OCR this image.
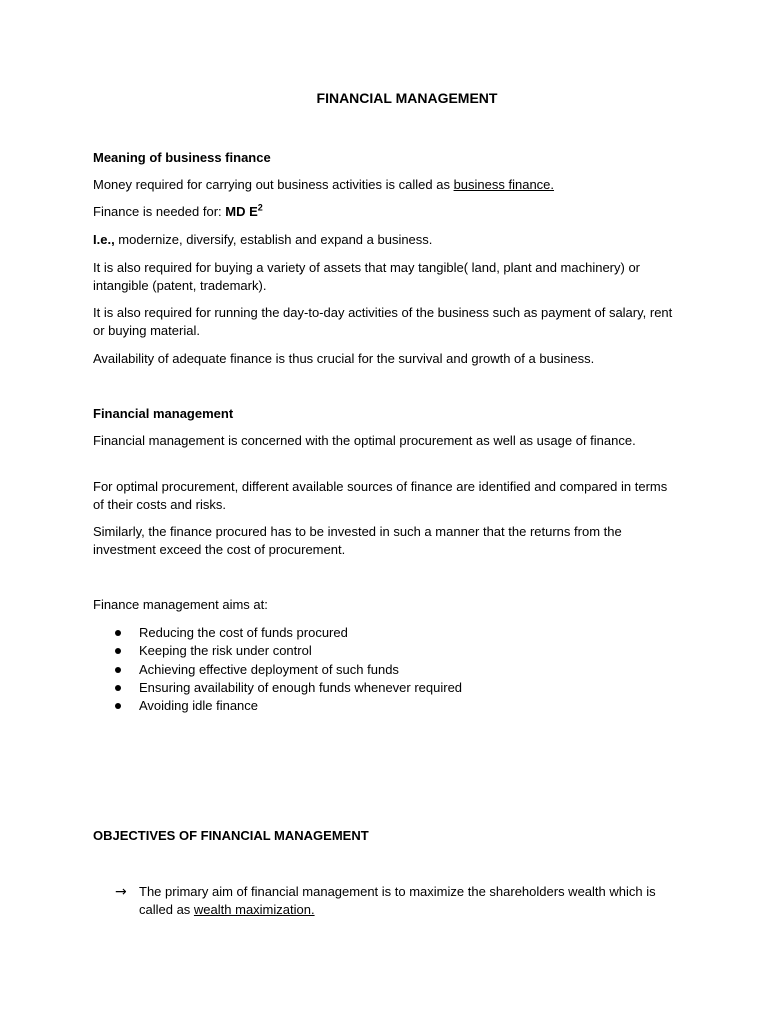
FINANCIAL MANAGEMENT
Meaning of business finance
Money required for carrying out business activities is called as business finance.
Finance is needed for: MD $E^2$
I.e., modernize, diversify, establish and expand a business.
It is also required for buying a variety of assets that may tangible( land, plant and machinery) or intangible (patent, trademark).
It is also required for running the day-to-day activities of the business such as payment of salary, rent or buying material.
Availability of adequate finance is thus crucial for the survival and growth of a business.
Financial management
Financial management is concerned with the optimal procurement as well as usage of finance.
For optimal procurement, different available sources of finance are identified and compared in terms of their costs and risks.
Similarly, the finance procured has to be invested in such a manner that the returns from the investment exceed the cost of procurement.
Finance management aims at:
Reducing the cost of funds procured
Keeping the risk under control
Achieving effective deployment of such funds
Ensuring availability of enough funds whenever required
Avoiding idle finance
OBJECTIVES OF FINANCIAL MANAGEMENT
→ The primary aim of financial management is to maximize the shareholders wealth which is called as wealth maximization.
